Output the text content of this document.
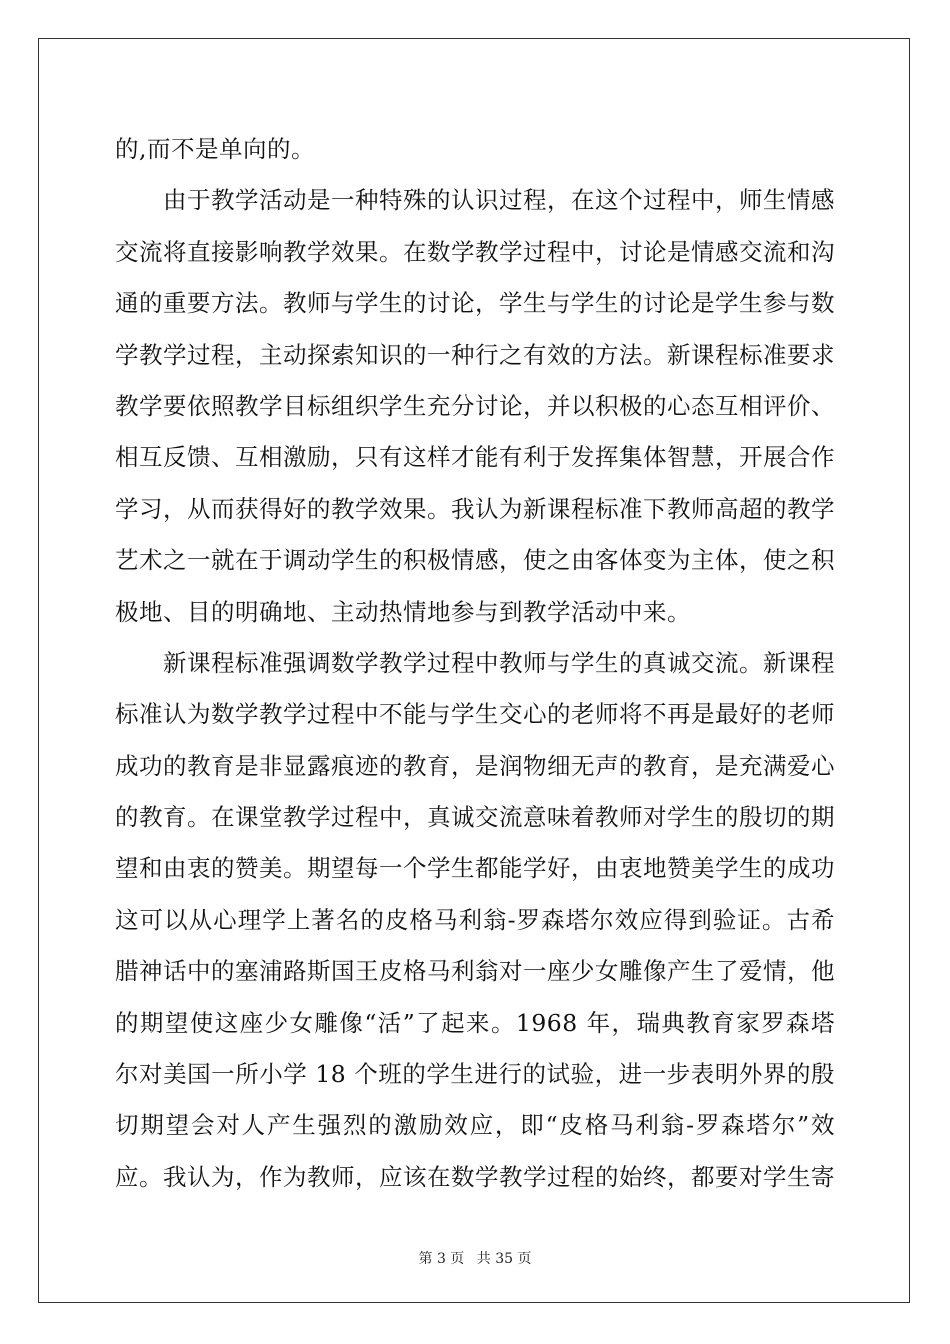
的,而不是单向的。
由于教学活动是一种特殊的认识过程，在这个过程中，师生情感
交流将直接影响教学效果。在数学教学过程中，讨论是情感交流和沟
通的重要方法。教师与学生的讨论，学生与学生的讨论是学生参与数
学教学过程，主动探索知识的一种行之有效的方法。新课程标准要求
教学要依照教学目标组织学生充分讨论，并以积极的心态互相评价、
相互反馈、互相激励，只有这样才能有利于发挥集体智慧，开展合作
学习，从而获得好的教学效果。我认为新课程标准下教师高超的教学
艺术之一就在于调动学生的积极情感，使之由客体变为主体，使之积
极地、目的明确地、主动热情地参与到教学活动中来。
新课程标准强调数学教学过程中教师与学生的真诚交流。新课程
标准认为数学教学过程中不能与学生交心的老师将不再是最好的老师
成功的教育是非显露痕迹的教育，是润物细无声的教育，是充满爱心
的教育。在课堂教学过程中，真诚交流意味着教师对学生的殷切的期
望和由衷的赞美。期望每一个学生都能学好，由衷地赞美学生的成功
这可以从心理学上著名的皮格马利翁-罗森塔尔效应得到验证。古希
腊神话中的塞浦路斯国王皮格马利翁对一座少女雕像产生了爱情，他
的期望使这座少女雕像“活”了起来。1968 年，瑞典教育家罗森塔
尔对美国一所小学 18 个班的学生进行的试验，进一步表明外界的殷
切期望会对人产生强烈的激励效应，即“皮格马利翁-罗森塔尔”效
应。我认为，作为教师，应该在数学教学过程的始终，都要对学生寄
第 3 页 共 35 页
